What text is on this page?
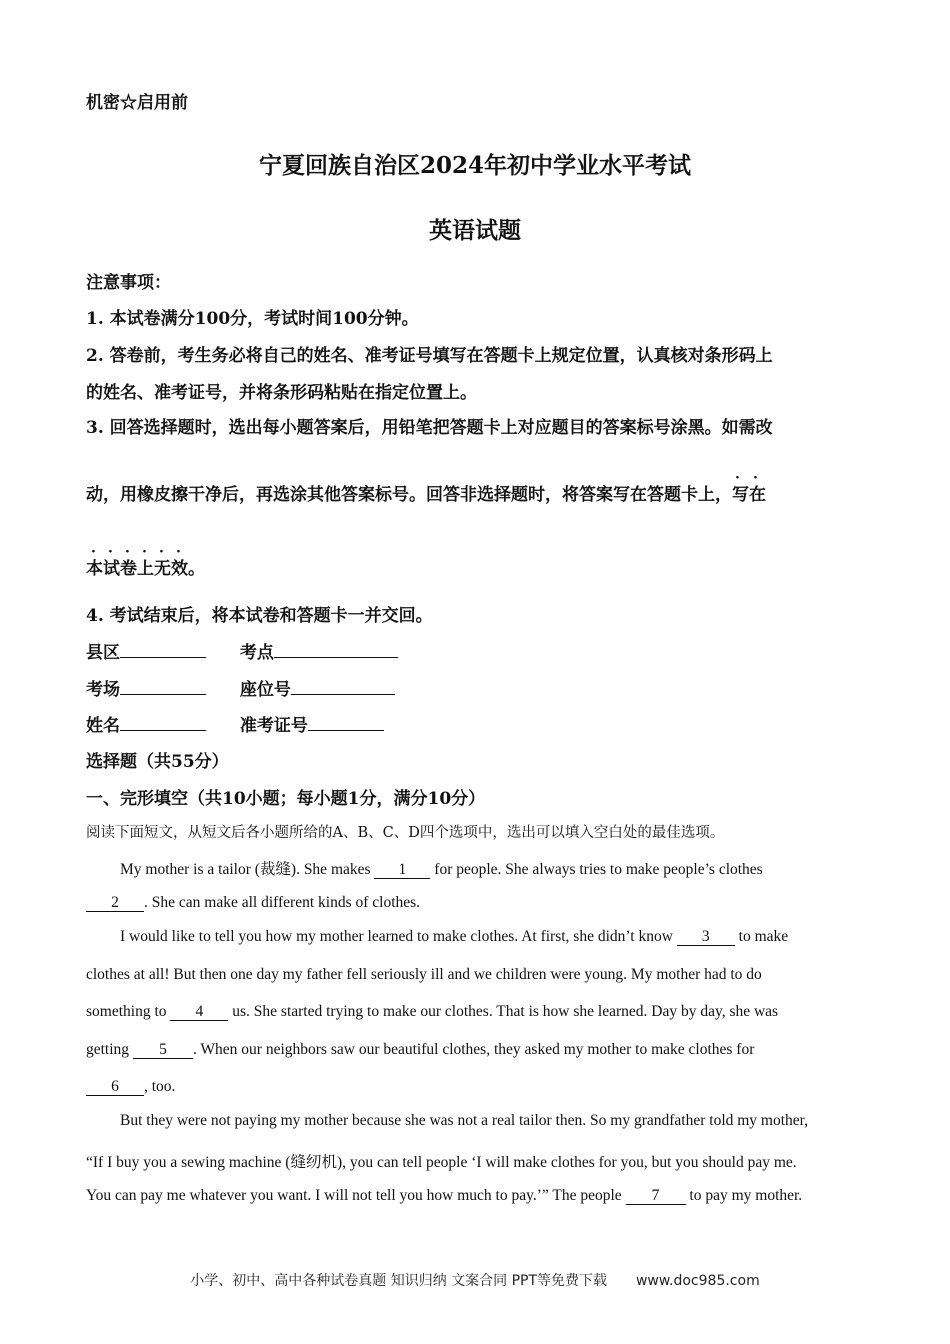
机密☆启用前
宁夏回族自治区2024年初中学业水平考试
英语试题
注意事项：
1. 本试卷满分100分，考试时间100分钟。
2. 答卷前，考生务必将自己的姓名、准考证号填写在答题卡上规定位置，认真核对条形码上
的姓名、准考证号，并将条形码粘贴在指定位置上。
3. 回答选择题时，选出每小题答案后，用铅笔把答题卡上对应题目的答案标号涂黑。如需改
动，用橡皮擦干净后，再选涂其他答案标号。回答非选择题时，将答案写在答题卡上，
· ·
写在
· · · · · ·
本试卷上无效。
4. 考试结束后，将本试卷和答题卡一并交回。
县区	考点
考场	座位号
姓名	准考证号
选择题（共55分）
一、完形填空（共10小题；每小题1分，满分10分）
阅读下面短文，从短文后各小题所给的A、B、C、D四个选项中，选出可以填入空白处的最佳选项。
My mother is a tailor (裁缝). She makes 1 for people. She always tries to make people’s clothes
2 . She can make all different kinds of clothes.
I would like to tell you how my mother learned to make clothes. At first, she didn’t know 3 to make
clothes at all! But then one day my father fell seriously ill and we children were young. My mother had to do
something to 4 us. She started trying to make our clothes. That is how she learned. Day by day, she was
getting 5 . When our neighbors saw our beautiful clothes, they asked my mother to make clothes for
6 , too.
But they were not paying my mother because she was not a real tailor then. So my grandfather told my mother,
“If I buy you a sewing machine (缝纫机), you can tell people ‘I will make clothes for you, but you should pay me.
You can pay me whatever you want. I will not tell you how much to pay.’” The people 7 to pay my mother.
小学、初中、高中各种试卷真题 知识归纳 文案合同 PPT等免费下载 www.doc985.com
